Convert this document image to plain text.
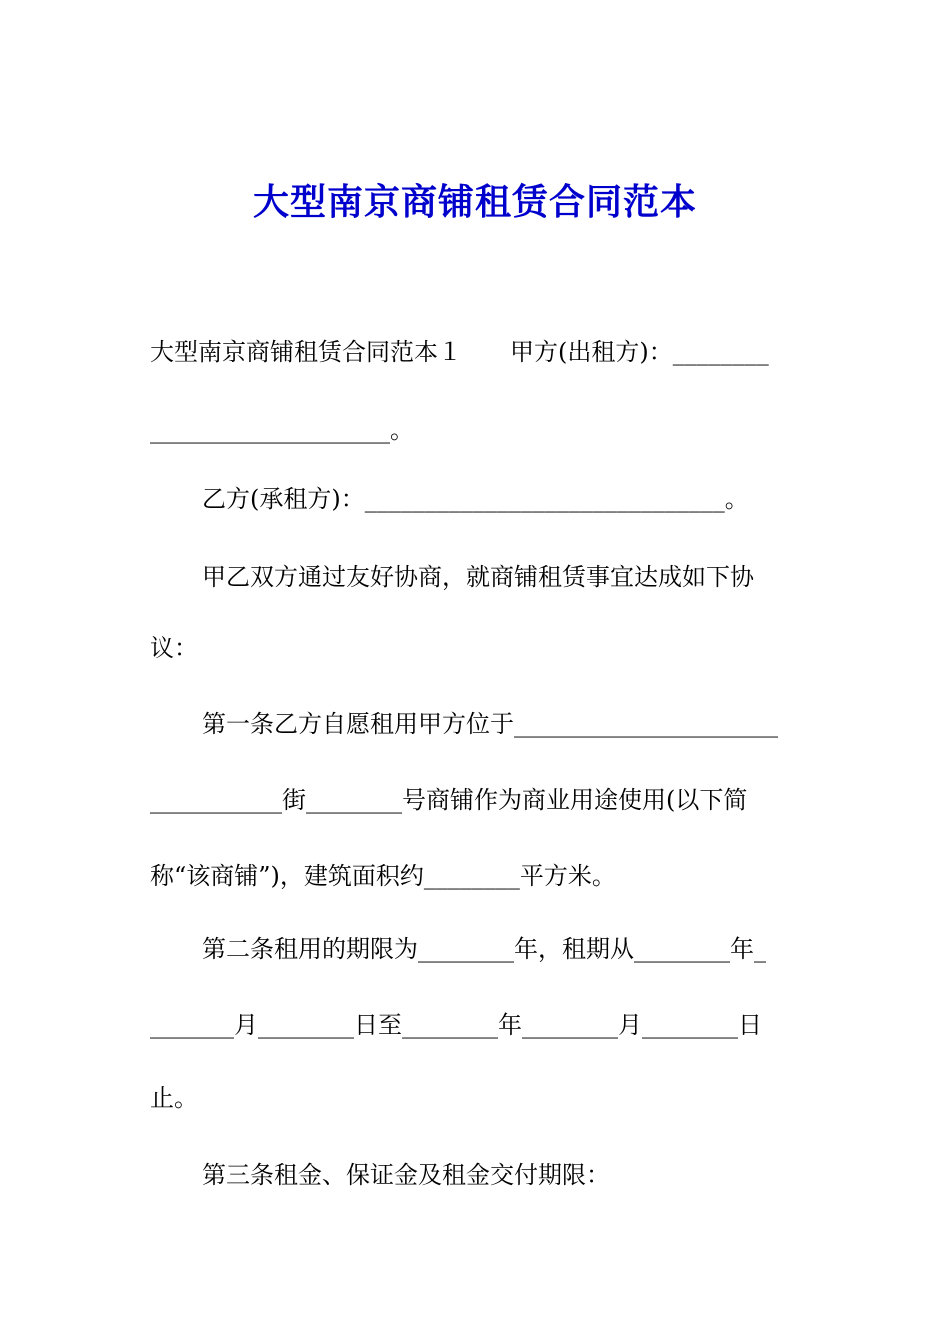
大型南京商铺租赁合同范本
大型南京商铺租赁合同范本１　　甲方(出租方)：________
____________________。
乙方(承租方)：______________________________。
甲乙双方通过友好协商，就商铺租赁事宜达成如下协
议：
第一条乙方自愿租用甲方位于______________________
___________街________号商铺作为商业用途使用(以下简
称“该商铺”)，建筑面积约________平方米。
第二条租用的期限为________年，租期从________年_
_______月________日至________年________月________日
止。
第三条租金、保证金及租金交付期限：
